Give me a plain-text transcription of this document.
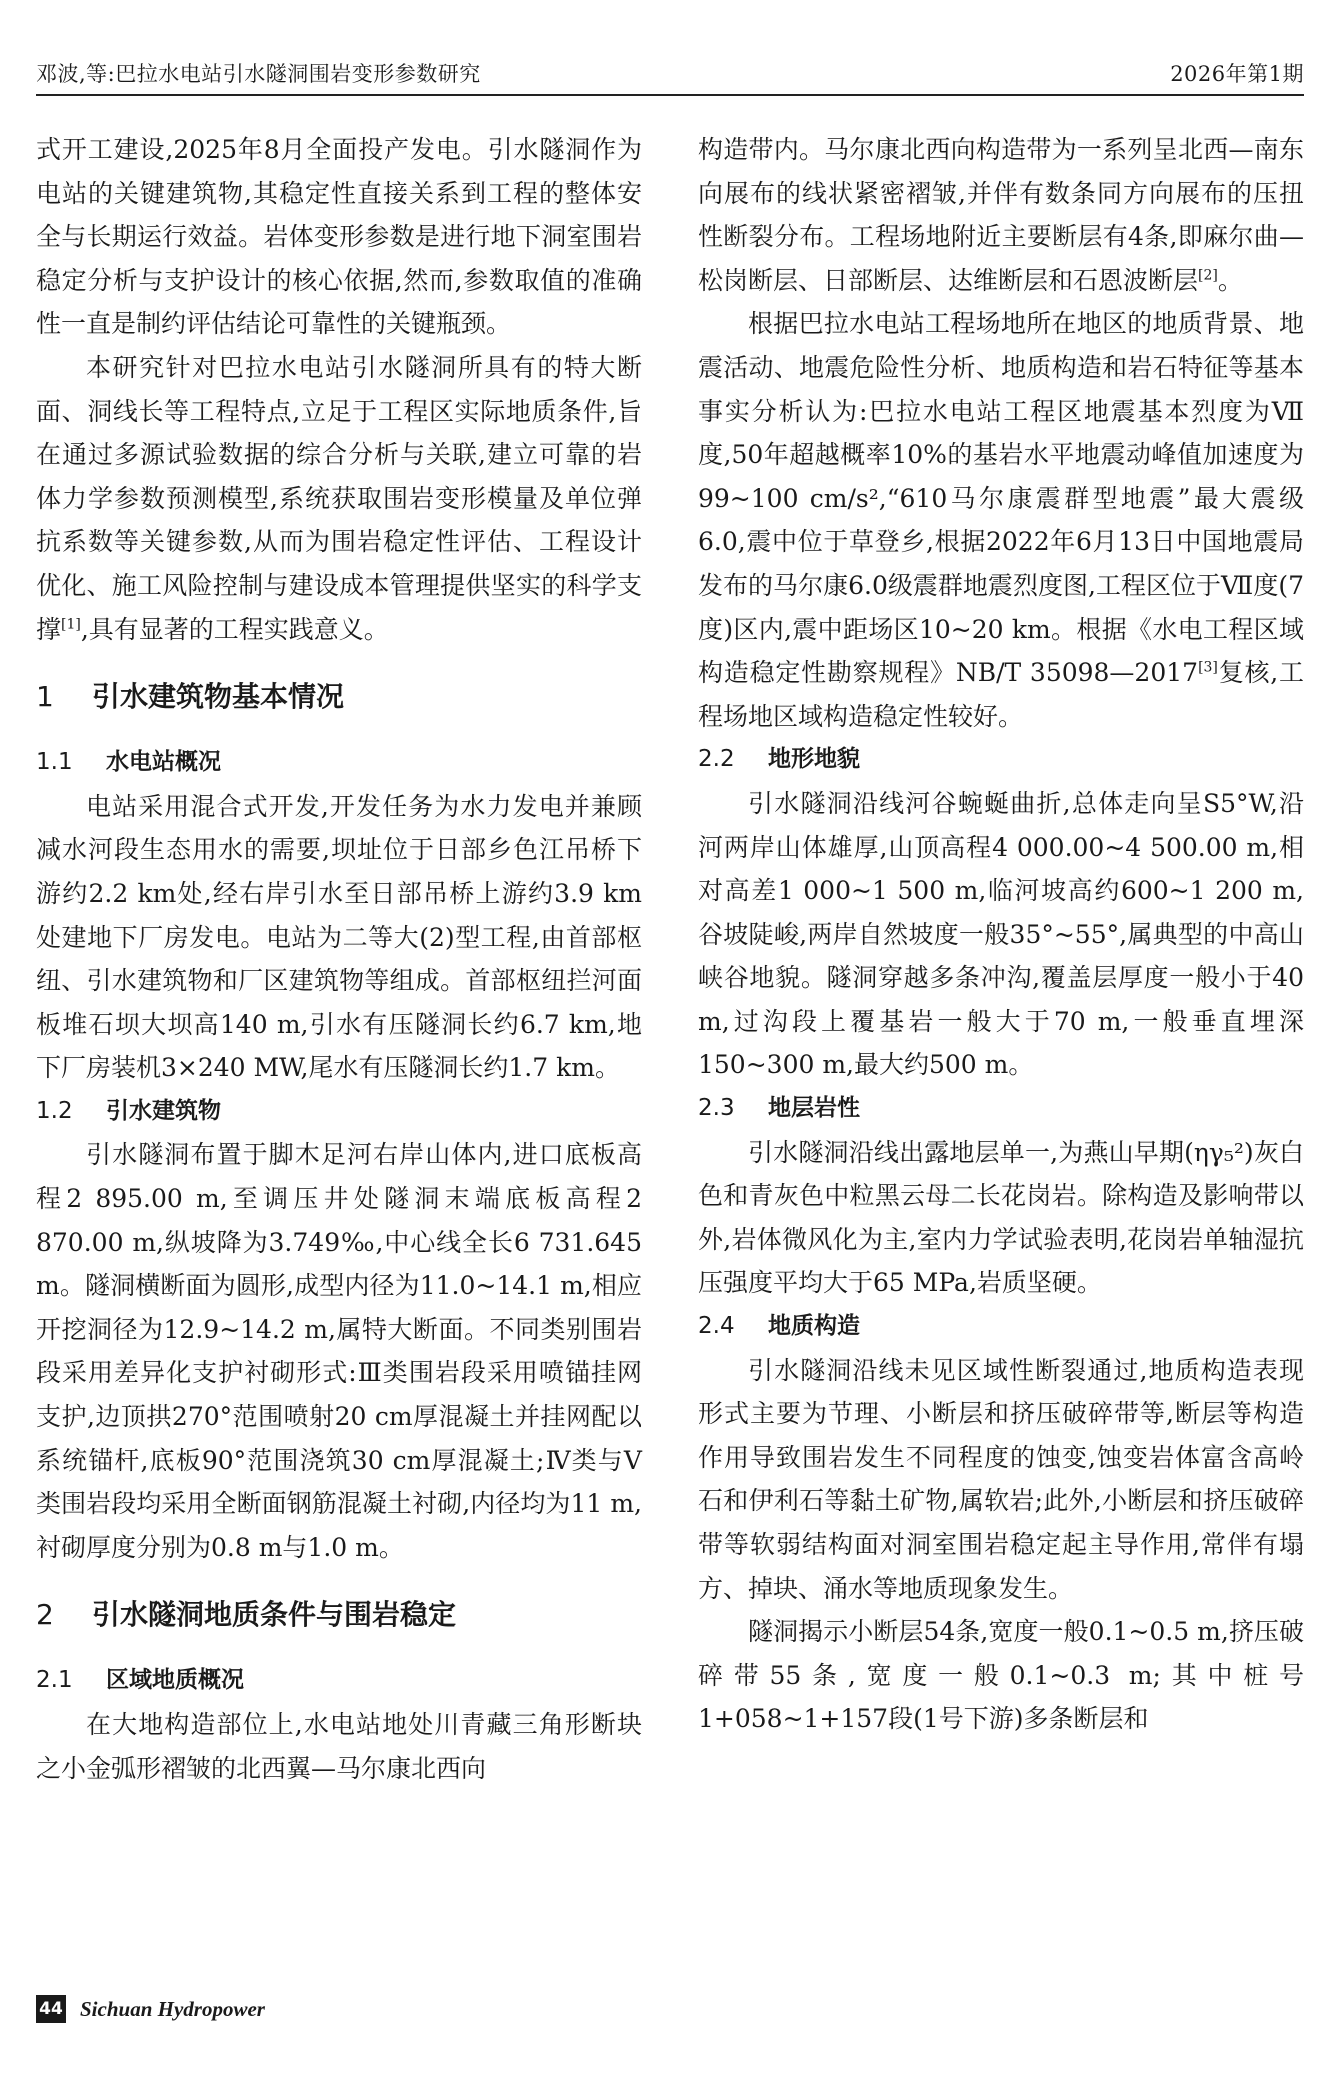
邓波,等:巴拉水电站引水隧洞围岩变形参数研究	2026年第1期

式开工建设,2025年8月全面投产发电。引水隧洞作为电站的关键建筑物,其稳定性直接关系到工程的整体安全与长期运行效益。岩体变形参数是进行地下洞室围岩稳定分析与支护设计的核心依据,然而,参数取值的准确性一直是制约评估结论可靠性的关键瓶颈。

本研究针对巴拉水电站引水隧洞所具有的特大断面、洞线长等工程特点,立足于工程区实际地质条件,旨在通过多源试验数据的综合分析与关联,建立可靠的岩体力学参数预测模型,系统获取围岩变形模量及单位弹抗系数等关键参数,从而为围岩稳定性评估、工程设计优化、施工风险控制与建设成本管理提供坚实的科学支撑[1],具有显著的工程实践意义。

1 引水建筑物基本情况
1.1 水电站概况

电站采用混合式开发,开发任务为水力发电并兼顾减水河段生态用水的需要,坝址位于日部乡色江吊桥下游约2.2 km处,经右岸引水至日部吊桥上游约3.9 km处建地下厂房发电。电站为二等大(2)型工程,由首部枢纽、引水建筑物和厂区建筑物等组成。首部枢纽拦河面板堆石坝大坝高140 m,引水有压隧洞长约6.7 km,地下厂房装机3×240 MW,尾水有压隧洞长约1.7 km。

1.2 引水建筑物

引水隧洞布置于脚木足河右岸山体内,进口底板高程2 895.00 m,至调压井处隧洞末端底板高程2 870.00 m,纵坡降为3.749‰,中心线全长6 731.645 m。隧洞横断面为圆形,成型内径为11.0~14.1 m,相应开挖洞径为12.9~14.2 m,属特大断面。不同类别围岩段采用差异化支护衬砌形式:Ⅲ类围岩段采用喷锚挂网支护,边顶拱270°范围喷射20 cm厚混凝土并挂网配以系统锚杆,底板90°范围浇筑30 cm厚混凝土;Ⅳ类与Ⅴ类围岩段均采用全断面钢筋混凝土衬砌,内径均为11 m,衬砌厚度分别为0.8 m与1.0 m。

2 引水隧洞地质条件与围岩稳定
2.1 区域地质概况

在大地构造部位上,水电站地处川青藏三角形断块之小金弧形褶皱的北西翼—马尔康北西向

构造带内。马尔康北西向构造带为一系列呈北西—南东向展布的线状紧密褶皱,并伴有数条同方向展布的压扭性断裂分布。工程场地附近主要断层有4条,即麻尔曲—松岗断层、日部断层、达维断层和石恩波断层[2]。

根据巴拉水电站工程场地所在地区的地质背景、地震活动、地震危险性分析、地质构造和岩石特征等基本事实分析认为:巴拉水电站工程区地震基本烈度为Ⅶ度,50年超越概率10%的基岩水平地震动峰值加速度为99~100 cm/s²,“610马尔康震群型地震”最大震级6.0,震中位于草登乡,根据2022年6月13日中国地震局发布的马尔康6.0级震群地震烈度图,工程区位于Ⅶ度(7度)区内,震中距场区10~20 km。根据《水电工程区域构造稳定性勘察规程》NB/T 35098—2017[3]复核,工程场地区域构造稳定性较好。

2.2 地形地貌

引水隧洞沿线河谷蜿蜒曲折,总体走向呈S5°W,沿河两岸山体雄厚,山顶高程4 000.00~4 500.00 m,相对高差1 000~1 500 m,临河坡高约600~1 200 m,谷坡陡峻,两岸自然坡度一般35°~55°,属典型的中高山峡谷地貌。隧洞穿越多条冲沟,覆盖层厚度一般小于40 m,过沟段上覆基岩一般大于70 m,一般垂直埋深150~300 m,最大约500 m。

2.3 地层岩性

引水隧洞沿线出露地层单一,为燕山早期(ηγ₅²)灰白色和青灰色中粒黑云母二长花岗岩。除构造及影响带以外,岩体微风化为主,室内力学试验表明,花岗岩单轴湿抗压强度平均大于65 MPa,岩质坚硬。

2.4 地质构造

引水隧洞沿线未见区域性断裂通过,地质构造表现形式主要为节理、小断层和挤压破碎带等,断层等构造作用导致围岩发生不同程度的蚀变,蚀变岩体富含高岭石和伊利石等黏土矿物,属软岩;此外,小断层和挤压破碎带等软弱结构面对洞室围岩稳定起主导作用,常伴有塌方、掉块、涌水等地质现象发生。

隧洞揭示小断层54条,宽度一般0.1~0.5 m,挤压破碎带55条,宽度一般0.1~0.3 m;其中桩号1+058~1+157段(1号下游)多条断层和

44 Sichuan Hydropower
